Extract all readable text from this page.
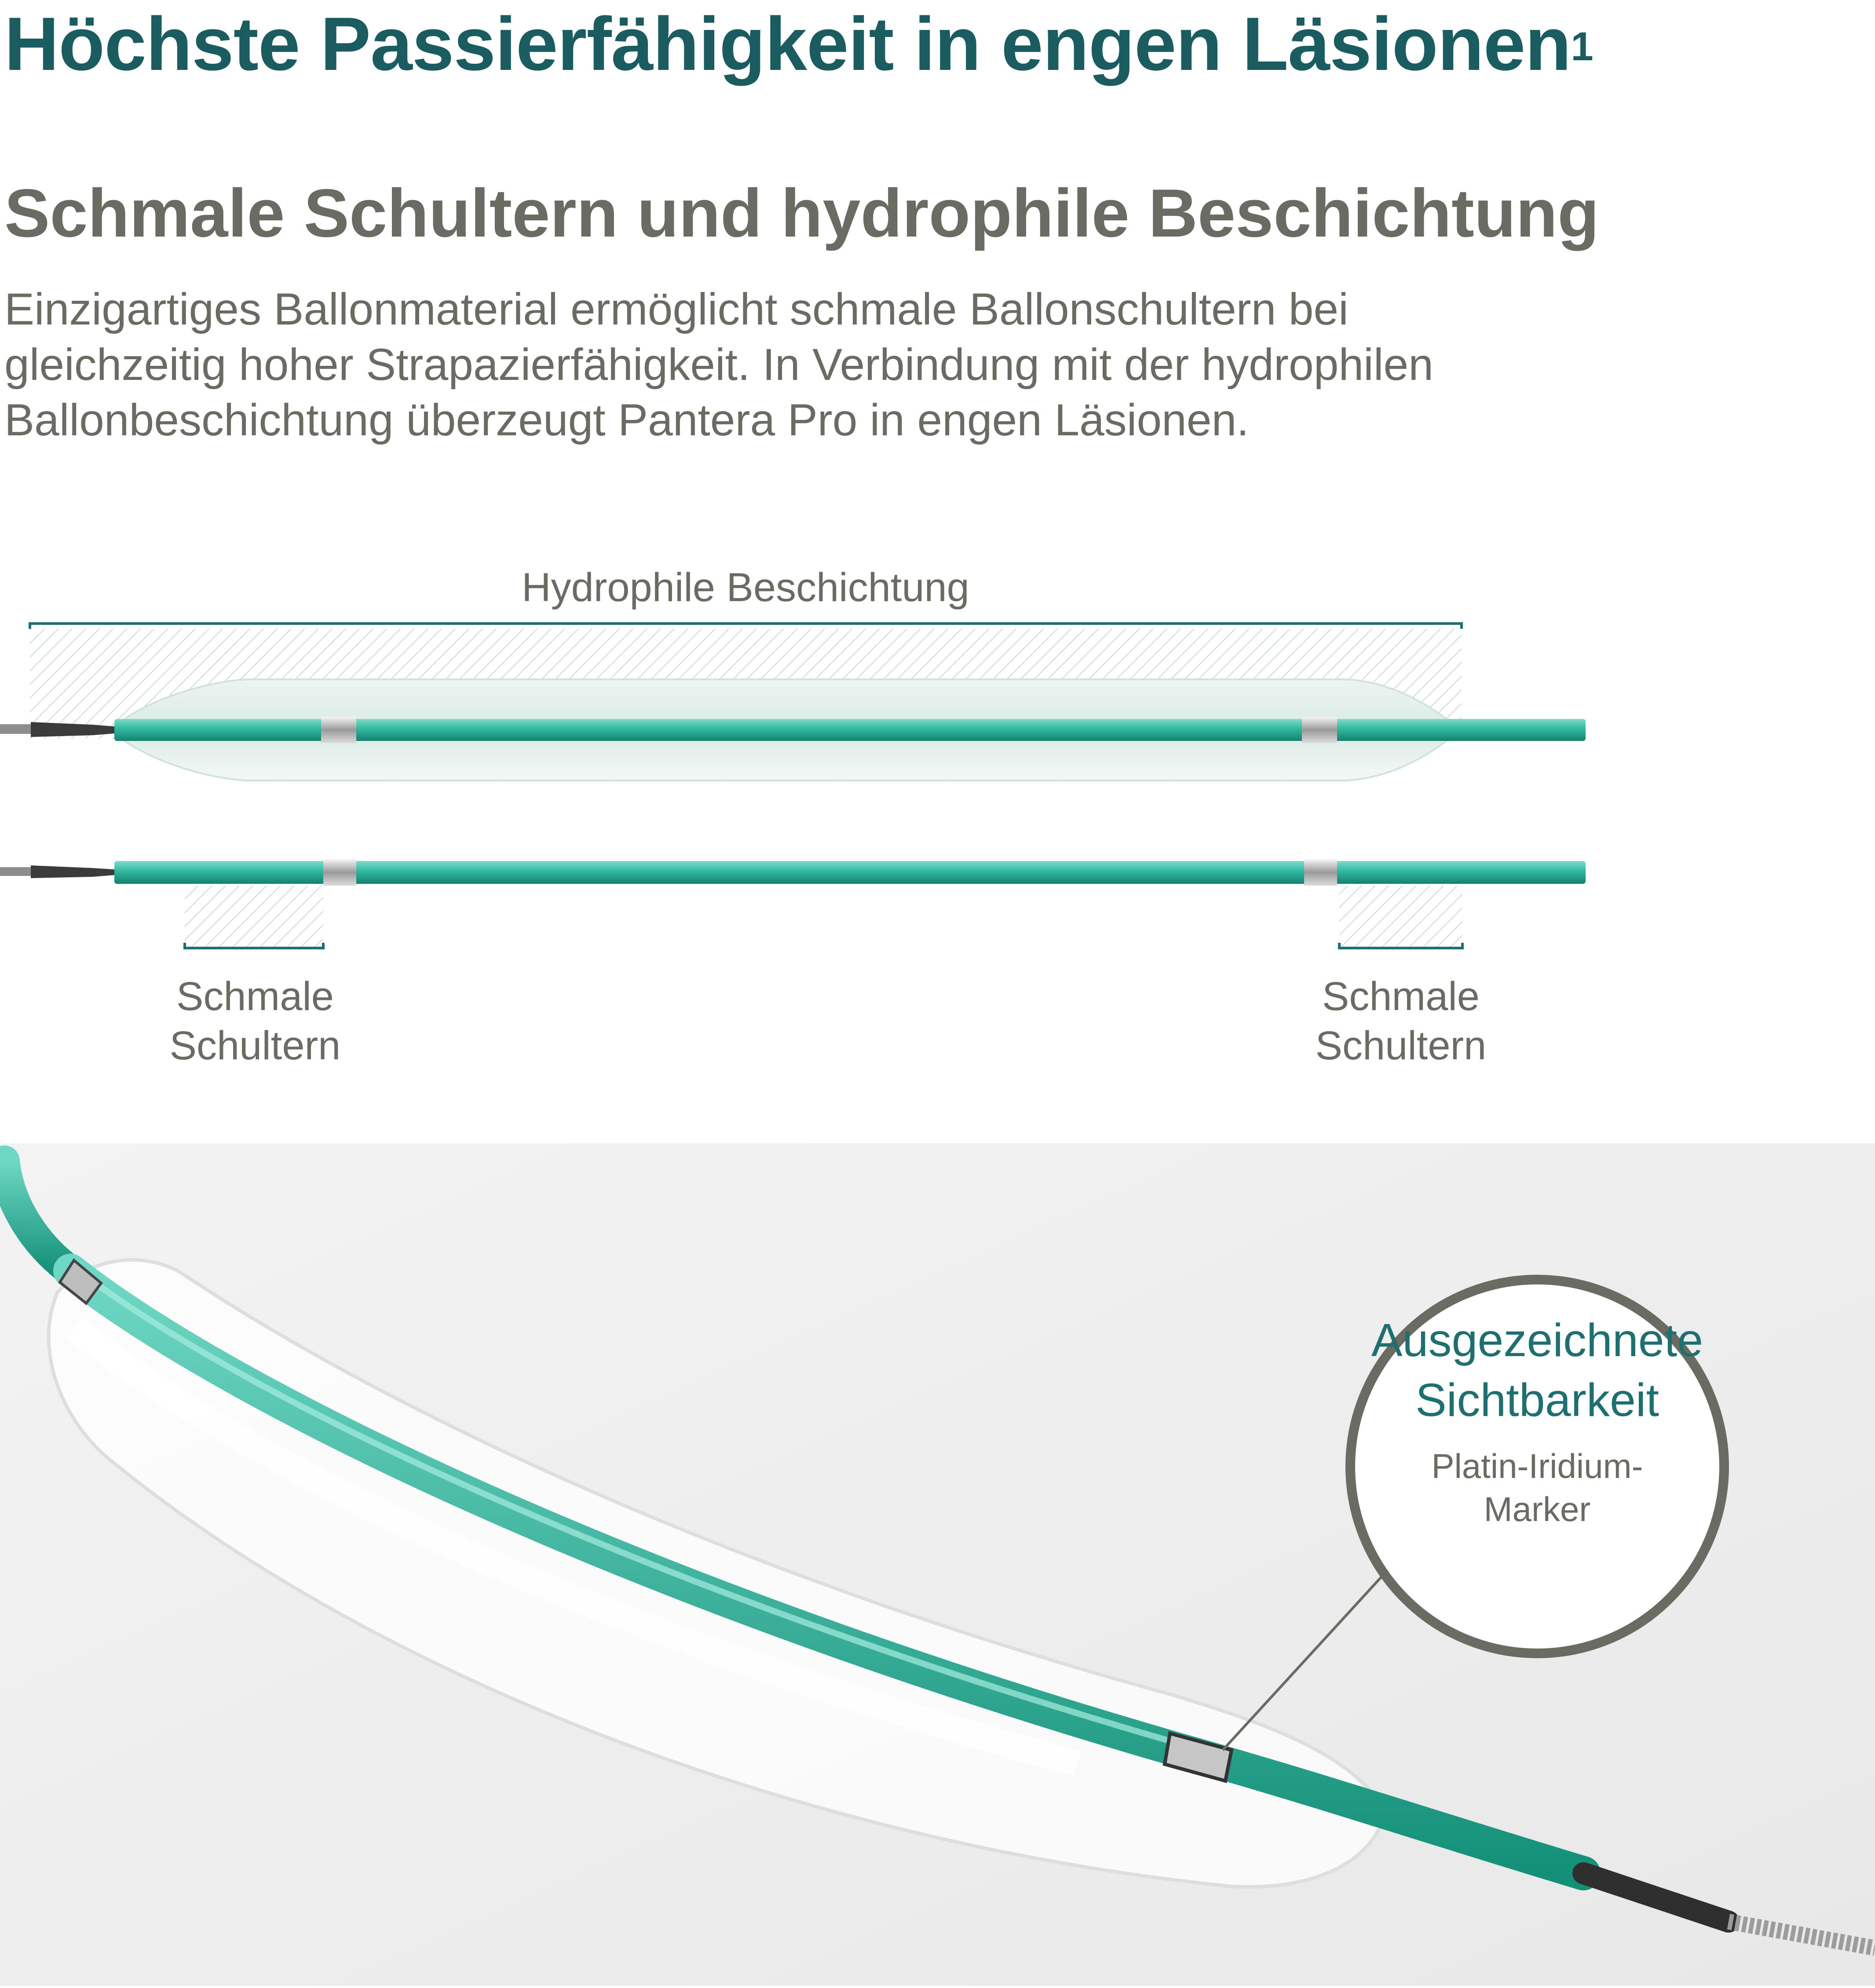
Höchste Passierfähigkeit in engen Läsionen$^1$
Schmale Schultern und hydrophile Beschichtung

Einzigartiges Ballonmaterial ermöglicht schmale Ballonschultern bei
gleichzeitig hoher Strapazierfähigkeit. In Verbindung mit der hydrophilen
Ballonbeschichtung überzeugt Pantera Pro in engen Läsionen.

Hydrophile Beschichtung
Schmale
Schultern
Schmale
Schultern
Ausgezeichnete
Sichtbarkeit
Platin-Iridium-
Marker
